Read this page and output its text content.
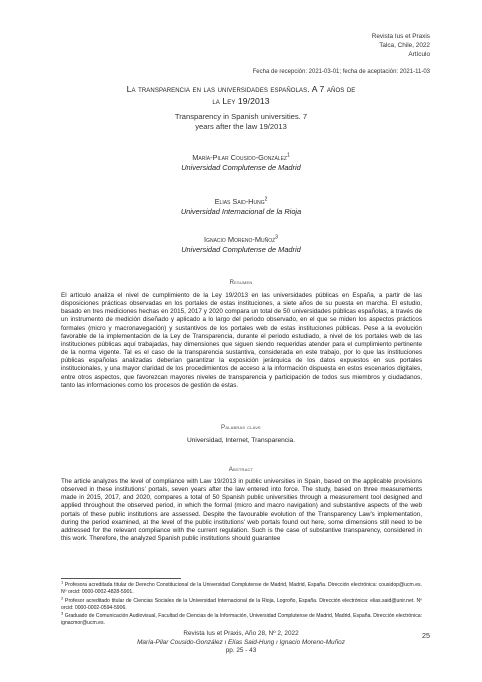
Revista Ius et Praxis
Talca, Chile, 2022
Artículo
Fecha de recepción: 2021-03-01; fecha de aceptación: 2021-11-03
La transparencia en las universidades españolas. A 7 años de
la Ley 19/2013
Transparency in Spanish universities. 7
years after the law 19/2013
María-Pilar Cousido-González$^1$
Universidad Complutense de Madrid
Elias Said-Hung$^2$
Universidad Internacional de la Rioja
Ignacio Moreno-Muñoz$^3$
Universidad Complutense de Madrid
Resumen

El artículo analiza el nivel de cumplimiento de la Ley 19/2013 en las universidades públicas en España, a partir de las disposiciones prácticas observadas en los portales de estas instituciones, a siete años de su puesta en marcha. El estudio, basado en tres mediciones hechas en 2015, 2017 y 2020 compara un total de 50 universidades públicas españolas, a través de un instrumento de medición diseñado y aplicado a lo largo del periodo observado, en el que se miden los aspectos prácticos formales (micro y macronavegación) y sustantivos de los portales web de estas instituciones públicas. Pese a la evolución favorable de la implementación de la Ley de Transparencia, durante el periodo estudiado, a nivel de los portales web de las instituciones públicas aquí trabajadas, hay dimensiones que siguen siendo requeridas atender para el cumplimiento pertinente de la norma vigente. Tal es el caso de la transparencia sustantiva, considerada en este trabajo, por lo que las instituciones públicas españolas analizadas deberían garantizar la exposición jerárquica de los datos expuestos en sus portales institucionales, y una mayor claridad de los procedimientos de acceso a la información dispuesta en estos escenarios digitales, entre otros aspectos, que favorezcan mayores niveles de transparencia y participación de todos sus miembros y ciudadanos, tanto las informaciones como los procesos de gestión de estas.

Palabras clave
Universidad, Internet, Transparencia.
Abstract

The article analyzes the level of compliance with Law 19/2013 in public universities in Spain, based on the applicable provisions observed in these institutions' portals, seven years after the law entered into force. The study, based on three measurements made in 2015, 2017, and 2020, compares a total of 50 Spanish public universities through a measurement tool designed and applied throughout the observed period, in which the formal (micro and macro navigation) and substantive aspects of the web portals of these public institutions are assessed. Despite the favourable evolution of the Transparency Law's implementation, during the period examined, at the level of the public institutions' web portals found out here, some dimensions still need to be addressed for the relevant compliance with the current regulation. Such is the case of substantive transparency, considered in this work. Therefore, the analyzed Spanish public institutions should guarantee

$^1$ Profesora acreditada titular de Derecho Constitucional de la Universidad Complutense de Madrid, Madrid, España. Dirección electrónica: cousidop@ucm.es. Nº orcid: 0000-0002-4828-5901.

$^2$ Profesor acreditado titular de Ciencias Sociales de la Universidad Internacional de la Rioja, Logroño, España. Dirección electrónica: elias.said@unir.net. Nº orcid: 0000-0002-0594-5906.

$^3$ Graduado de Comunicación Audiovisual, Facultad de Ciencias de la Información, Universidad Complutense de Madrid, Madrid, España. Dirección electrónica: ignacmor@ucm.es.

Revista Ius et Praxis, Año 28, Nº 2, 2022
María-Pilar Cousido-González ı Elías Said-Hung ı Ignacio Moreno-Muñoz
pp. 25 - 43
25
